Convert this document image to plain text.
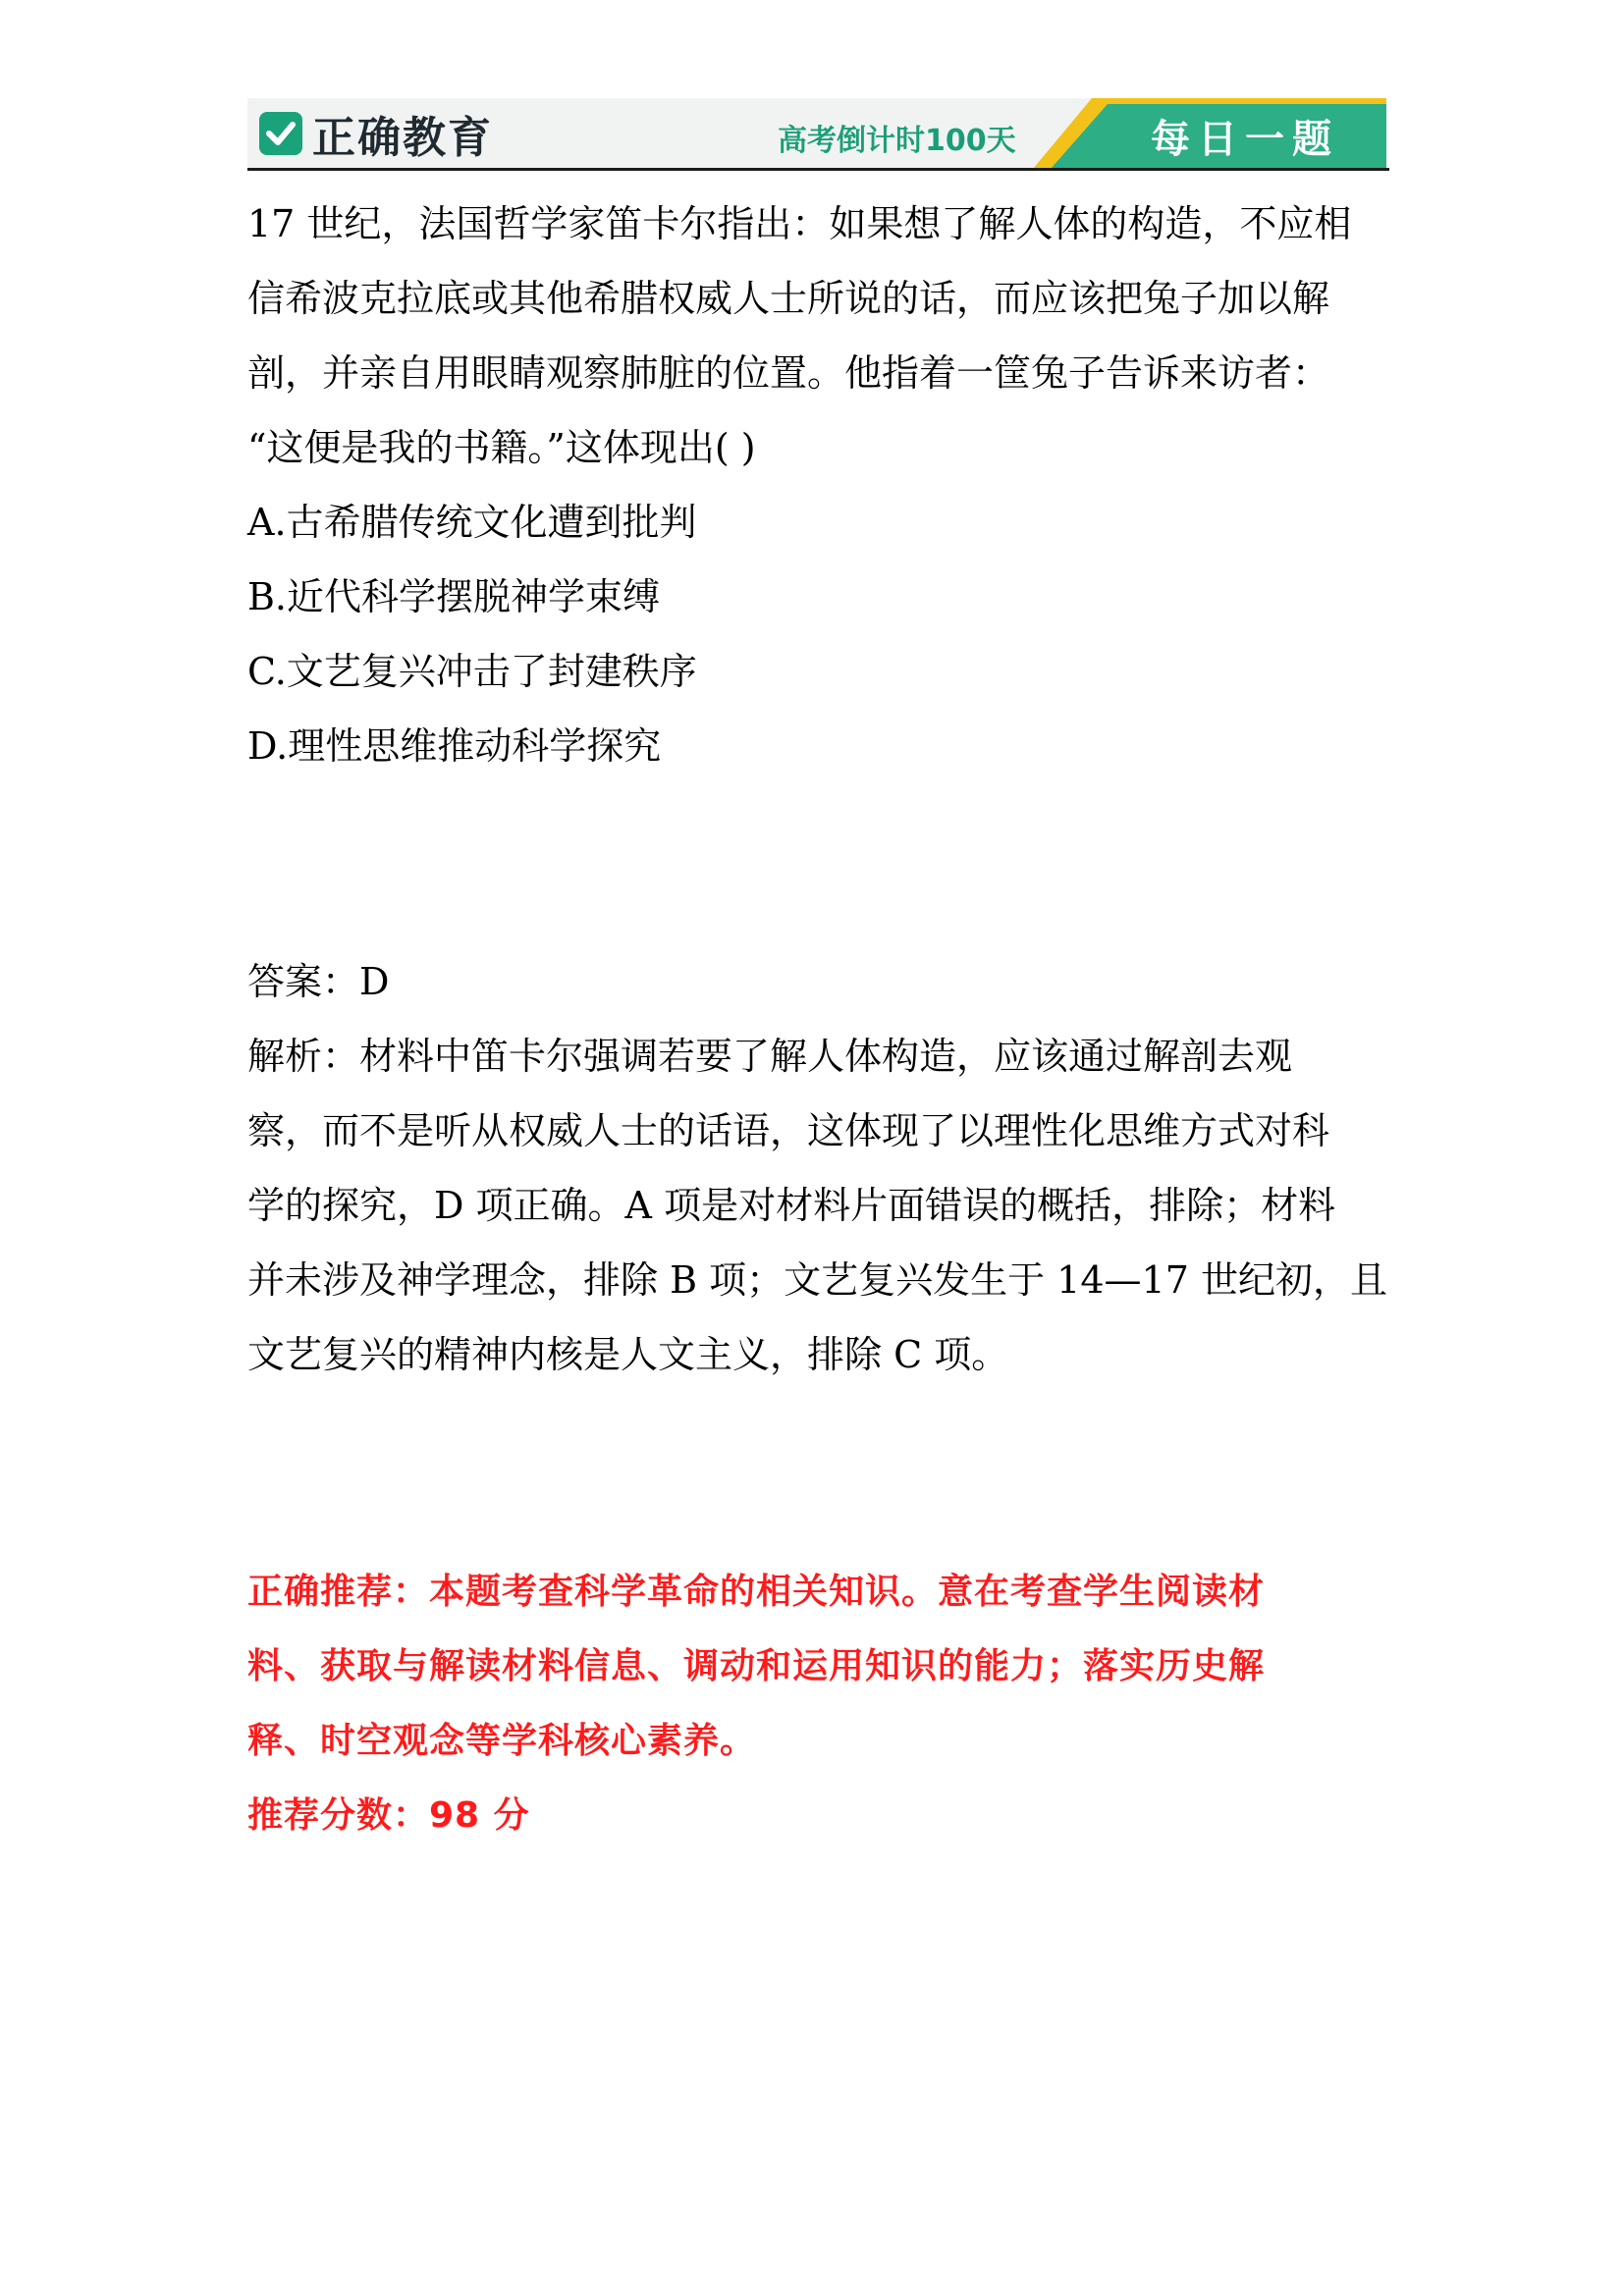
正确教育	高考倒计时100天	每日一题

17 世纪，法国哲学家笛卡尔指出：如果想了解人体的构造，不应相

信希波克拉底或其他希腊权威人士所说的话，而应该把兔子加以解

剖，并亲自用眼睛观察肺脏的位置。他指着一筐兔子告诉来访者：

“这便是我的书籍。”这体现出( )

A.古希腊传统文化遭到批判

B.近代科学摆脱神学束缚

C.文艺复兴冲击了封建秩序

D.理性思维推动科学探究

答案：D

解析：材料中笛卡尔强调若要了解人体构造，应该通过解剖去观

察，而不是听从权威人士的话语，这体现了以理性化思维方式对科

学的探究，D 项正确。A 项是对材料片面错误的概括，排除；材料

并未涉及神学理念，排除 B 项；文艺复兴发生于 14—17 世纪初，且

文艺复兴的精神内核是人文主义，排除 C 项。

正确推荐：本题考查科学革命的相关知识。意在考查学生阅读材

料、获取与解读材料信息、调动和运用知识的能力；落实历史解

释、时空观念等学科核心素养。

推荐分数：98 分
